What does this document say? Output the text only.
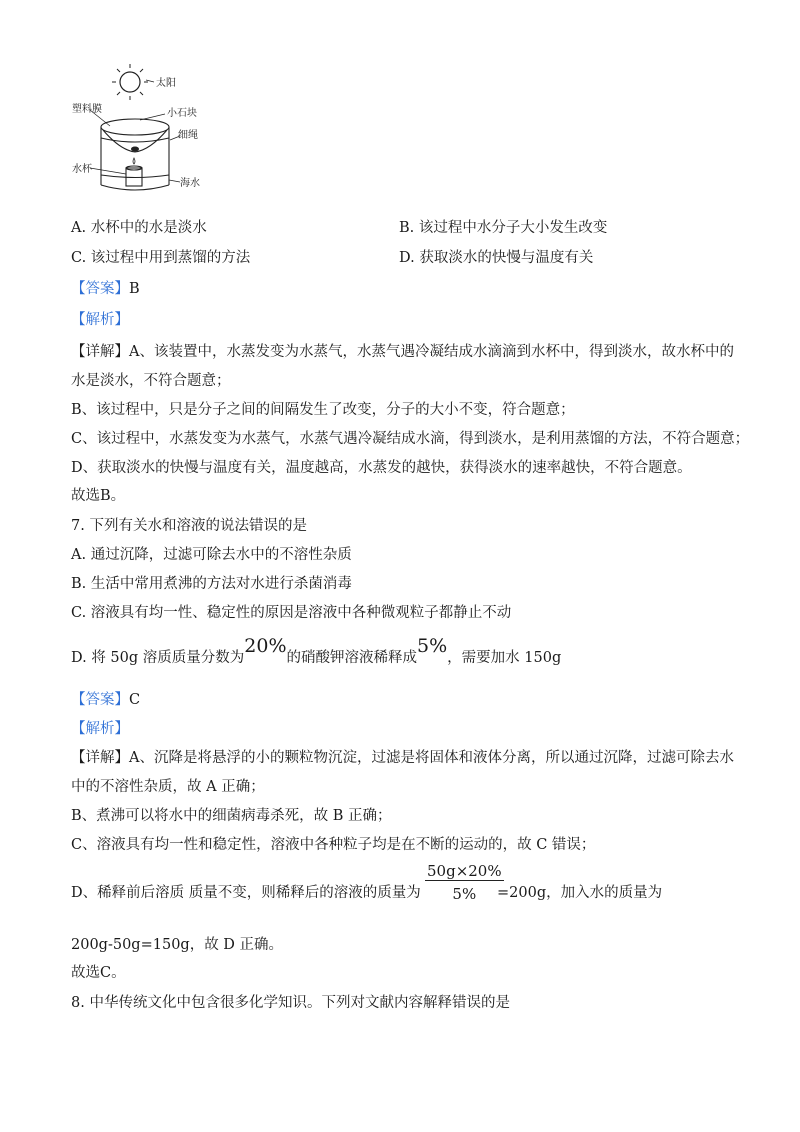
太阳
塑料膜	小石块
细绳
水杯
海水
A. 水杯中的水是淡水	B. 该过程中水分子大小发生改变
C. 该过程中用到蒸馏的方法	D. 获取淡水的快慢与温度有关
【答案】B
【解析】
【详解】A、该装置中，水蒸发变为水蒸气，水蒸气遇冷凝结成水滴滴到水杯中，得到淡水，故水杯中的
水是淡水，不符合题意；
B、该过程中，只是分子之间的间隔发生了改变，分子的大小不变，符合题意；
C、该过程中，水蒸发变为水蒸气，水蒸气遇冷凝结成水滴，得到淡水，是利用蒸馏的方法，不符合题意；
D、获取淡水的快慢与温度有关，温度越高，水蒸发的越快，获得淡水的速率越快，不符合题意。
故选B。
7. 下列有关水和溶液的说法错误的是
A. 通过沉降，过滤可除去水中的不溶性杂质
B. 生活中常用煮沸的方法对水进行杀菌消毒
C. 溶液具有均一性、稳定性的原因是溶液中各种微观粒子都静止不动
D. 将 50g 溶质质量分数为20%的硝酸钾溶液稀释成5%，需要加水 150g
【答案】C
【解析】
【详解】A、沉降是将悬浮的小的颗粒物沉淀，过滤是将固体和液体分离，所以通过沉降，过滤可除去水
中的不溶性杂质，故 A 正确；
B、煮沸可以将水中的细菌病毒杀死，故 B 正确；
C、溶液具有均一性和稳定性，溶液中各种粒子均是在不断的运动的，故 C 错误；
D、稀释前后溶质 质量不变，则稀释后的溶液的质量为 $\frac{50g\times 20\%}{5\%}$
=200g，加入水的质量为
200g-50g=150g，故 D 正确。
故选C。
8. 中华传统文化中包含很多化学知识。下列对文献内容解释错误的是
